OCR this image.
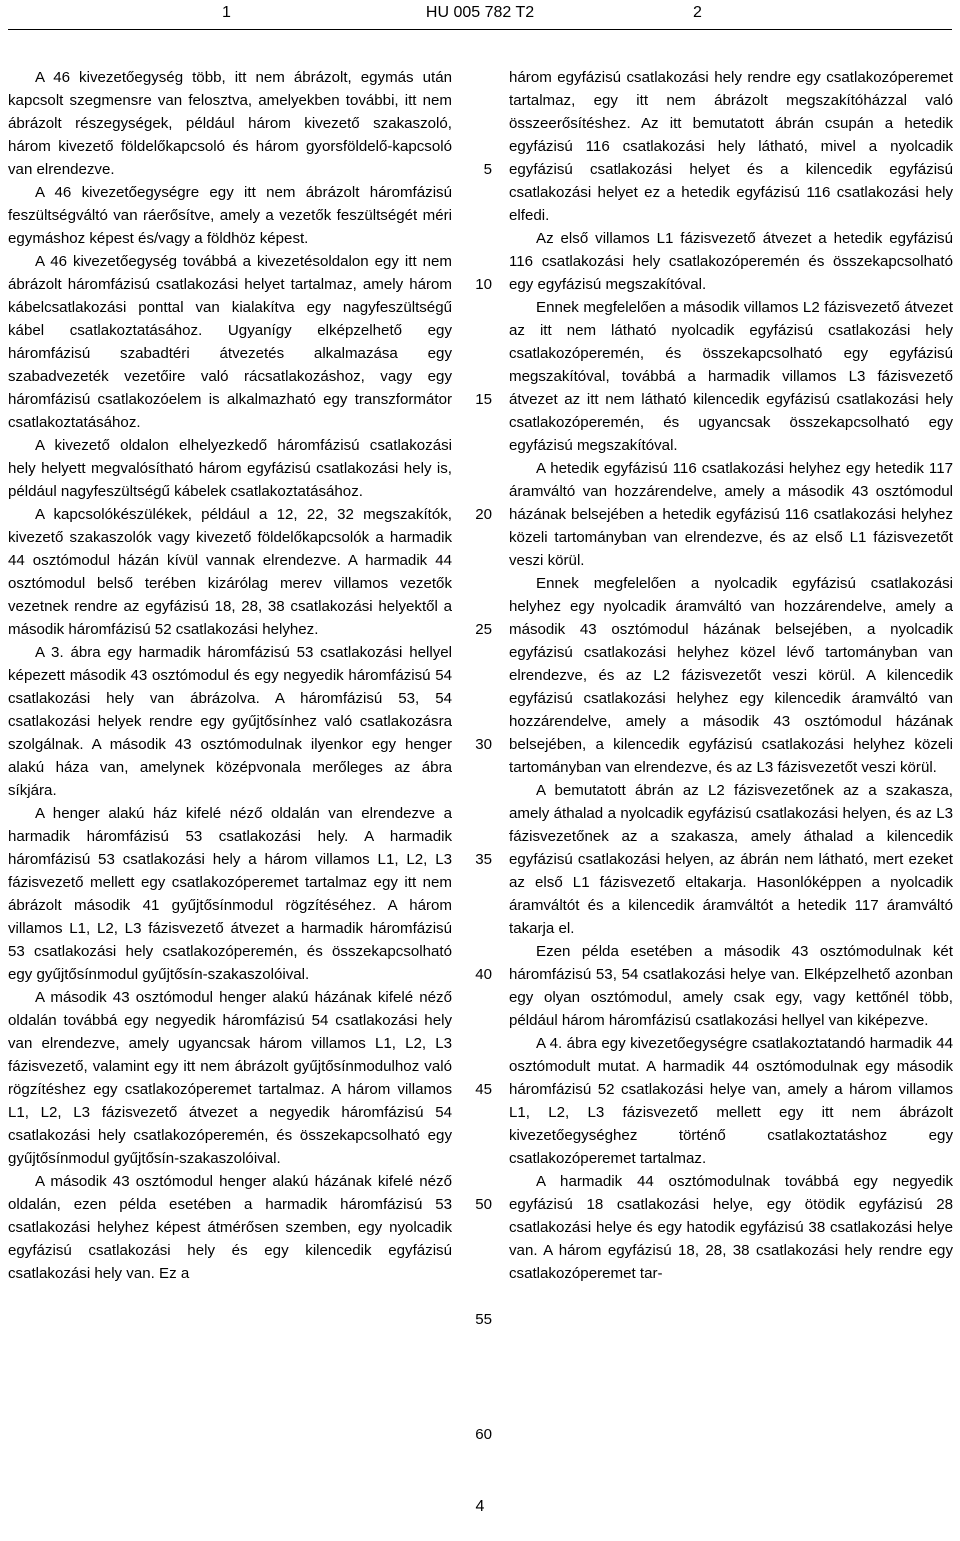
1	HU 005 782 T2	2

A 46 kivezetőegység több, itt nem ábrázolt, egymás után kapcsolt szegmensre van felosztva, amelyekben további, itt nem ábrázolt részegységek, például három kivezető szakaszoló, három kivezető földelőkapcsoló és három gyorsföldelő-kapcsoló van elrendezve.

A 46 kivezetőegységre egy itt nem ábrázolt háromfázisú feszültségváltó van ráerősítve, amely a vezetők feszültségét méri egymáshoz képest és/vagy a földhöz képest.

A 46 kivezetőegység továbbá a kivezetésoldalon egy itt nem ábrázolt háromfázisú csatlakozási helyet tartalmaz, amely három kábelcsatlakozási ponttal van kialakítva egy nagyfeszültségű kábel csatlakoztatásához. Ugyanígy elképzelhető egy háromfázisú szabadtéri átvezetés alkalmazása egy szabadvezeték vezetőire való rácsatlakozáshoz, vagy egy háromfázisú csatlakozóelem is alkalmazható egy transzformátor csatlakoztatásához.

A kivezető oldalon elhelyezkedő háromfázisú csatlakozási hely helyett megvalósítható három egyfázisú csatlakozási hely is, például nagyfeszültségű kábelek csatlakoztatásához.

A kapcsolókészülékek, például a 12, 22, 32 megszakítók, kivezető szakaszolók vagy kivezető földelőkapcsolók a harmadik 44 osztómodul házán kívül vannak elrendezve. A harmadik 44 osztómodul belső terében kizárólag merev villamos vezetők vezetnek rendre az egyfázisú 18, 28, 38 csatlakozási helyektől a második háromfázisú 52 csatlakozási helyhez.

A 3. ábra egy harmadik háromfázisú 53 csatlakozási hellyel képezett második 43 osztómodul és egy negyedik háromfázisú 54 csatlakozási hely van ábrázolva. A háromfázisú 53, 54 csatlakozási helyek rendre egy gyűjtősínhez való csatlakozásra szolgálnak. A második 43 osztómodulnak ilyenkor egy henger alakú háza van, amelynek középvonala merőleges az ábra síkjára.

A henger alakú ház kifelé néző oldalán van elrendezve a harmadik háromfázisú 53 csatlakozási hely. A harmadik háromfázisú 53 csatlakozási hely a három villamos L1, L2, L3 fázisvezető mellett egy csatlakozóperemet tartalmaz egy itt nem ábrázolt második 41 gyűjtősínmodul rögzítéséhez. A három villamos L1, L2, L3 fázisvezető átvezet a harmadik háromfázisú 53 csatlakozási hely csatlakozóperemén, és összekapcsolható egy gyűjtősínmodul gyűjtősín-szakaszolóival.

A második 43 osztómodul henger alakú házának kifelé néző oldalán továbbá egy negyedik háromfázisú 54 csatlakozási hely van elrendezve, amely ugyancsak három villamos L1, L2, L3 fázisvezető, valamint egy itt nem ábrázolt gyűjtősínmodulhoz való rögzítéshez egy csatlakozóperemet tartalmaz. A három villamos L1, L2, L3 fázisvezető átvezet a negyedik háromfázisú 54 csatlakozási hely csatlakozóperemén, és összekapcsolható egy gyűjtősínmodul gyűjtősín-szakaszolóival.

A második 43 osztómodul henger alakú házának kifelé néző oldalán, ezen példa esetében a harmadik háromfázisú 53 csatlakozási helyhez képest átmérősen szemben, egy nyolcadik egyfázisú csatlakozási hely és egy kilencedik egyfázisú csatlakozási hely van. Ez a

5
10
15
20
25
30
35
40
45
50
55
60

három egyfázisú csatlakozási hely rendre egy csatlakozóperemet tartalmaz, egy itt nem ábrázolt megszakítóházzal való összeerősítéshez. Az itt bemutatott ábrán csupán a hetedik egyfázisú 116 csatlakozási hely látható, mivel a nyolcadik egyfázisú csatlakozási helyet és a kilencedik egyfázisú csatlakozási helyet ez a hetedik egyfázisú 116 csatlakozási hely elfedi.

Az első villamos L1 fázisvezető átvezet a hetedik egyfázisú 116 csatlakozási hely csatlakozóperemén és összekapcsolható egy egyfázisú megszakítóval.

Ennek megfelelően a második villamos L2 fázisvezető átvezet az itt nem látható nyolcadik egyfázisú csatlakozási hely csatlakozóperemén, és összekapcsolható egy egyfázisú megszakítóval, továbbá a harmadik villamos L3 fázisvezető átvezet az itt nem látható kilencedik egyfázisú csatlakozási hely csatlakozóperemén, és ugyancsak összekapcsolható egy egyfázisú megszakítóval.

A hetedik egyfázisú 116 csatlakozási helyhez egy hetedik 117 áramváltó van hozzárendelve, amely a második 43 osztómodul házának belsejében a hetedik egyfázisú 116 csatlakozási helyhez közeli tartományban van elrendezve, és az első L1 fázisvezetőt veszi körül.

Ennek megfelelően a nyolcadik egyfázisú csatlakozási helyhez egy nyolcadik áramváltó van hozzárendelve, amely a második 43 osztómodul házának belsejében, a nyolcadik egyfázisú csatlakozási helyhez közel lévő tartományban van elrendezve, és az L2 fázisvezetőt veszi körül. A kilencedik egyfázisú csatlakozási helyhez egy kilencedik áramváltó van hozzárendelve, amely a második 43 osztómodul házának belsejében, a kilencedik egyfázisú csatlakozási helyhez közeli tartományban van elrendezve, és az L3 fázisvezetőt veszi körül.

A bemutatott ábrán az L2 fázisvezetőnek az a szakasza, amely áthalad a nyolcadik egyfázisú csatlakozási helyen, és az L3 fázisvezetőnek az a szakasza, amely áthalad a kilencedik egyfázisú csatlakozási helyen, az ábrán nem látható, mert ezeket az első L1 fázisvezető eltakarja. Hasonlóképpen a nyolcadik áramváltót és a kilencedik áramváltót a hetedik 117 áramváltó takarja el.

Ezen példa esetében a második 43 osztómodulnak két háromfázisú 53, 54 csatlakozási helye van. Elképzelhető azonban egy olyan osztómodul, amely csak egy, vagy kettőnél több, például három háromfázisú csatlakozási hellyel van kiképezve.

A 4. ábra egy kivezetőegységre csatlakoztatandó harmadik 44 osztómodult mutat. A harmadik 44 osztómodulnak egy második háromfázisú 52 csatlakozási helye van, amely a három villamos L1, L2, L3 fázisvezető mellett egy itt nem ábrázolt kivezetőegységhez történő csatlakoztatáshoz egy csatlakozóperemet tartalmaz.

A harmadik 44 osztómodulnak továbbá egy negyedik egyfázisú 18 csatlakozási helye, egy ötödik egyfázisú 28 csatlakozási helye és egy hatodik egyfázisú 38 csatlakozási helye van. A három egyfázisú 18, 28, 38 csatlakozási hely rendre egy csatlakozóperemet tar-

4
